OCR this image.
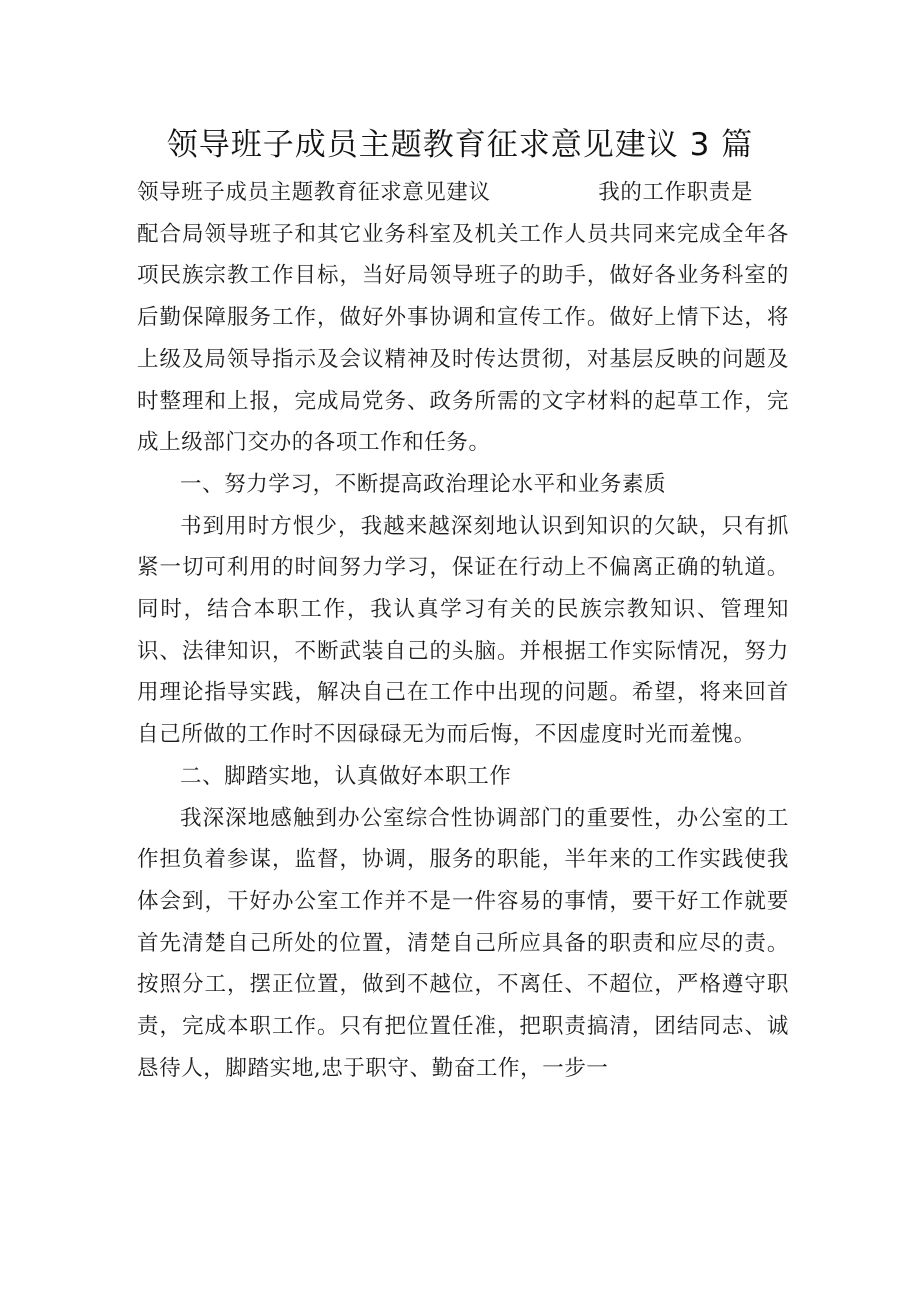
领导班子成员主题教育征求意见建议 3 篇
领导班子成员主题教育征求意见建议	我的工作职责是

配合局领导班子和其它业务科室及机关工作人员共同来完成全年各项民族宗教工作目标，当好局领导班子的助手，做好各业务科室的后勤保障服务工作，做好外事协调和宣传工作。做好上情下达，将上级及局领导指示及会议精神及时传达贯彻，对基层反映的问题及时整理和上报，完成局党务、政务所需的文字材料的起草工作，完成上级部门交办的各项工作和任务。

一、努力学习，不断提高政治理论水平和业务素质

书到用时方恨少，我越来越深刻地认识到知识的欠缺，只有抓紧一切可利用的时间努力学习，保证在行动上不偏离正确的轨道。同时，结合本职工作，我认真学习有关的民族宗教知识、管理知识、法律知识，不断武装自己的头脑。并根据工作实际情况，努力用理论指导实践，解决自己在工作中出现的问题。希望，将来回首自己所做的工作时不因碌碌无为而后悔，不因虚度时光而羞愧。

二、脚踏实地，认真做好本职工作

我深深地感触到办公室综合性协调部门的重要性，办公室的工作担负着参谋，监督，协调，服务的职能，半年来的工作实践使我体会到，干好办公室工作并不是一件容易的事情，要干好工作就要首先清楚自己所处的位置，清楚自己所应具备的职责和应尽的责。按照分工，摆正位置，做到不越位，不离任、不超位，严格遵守职责，完成本职工作。只有把位置任准，把职责搞清，团结同志、诚恳待人，脚踏实地,忠于职守、勤奋工作，一步一
